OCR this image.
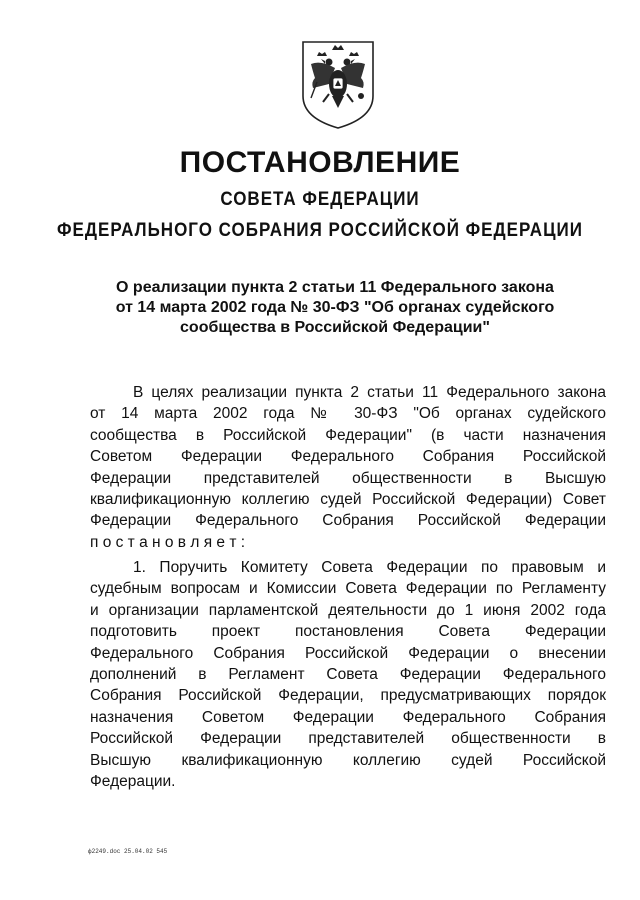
ПОСТАНОВЛЕНИЕ
СОВЕТА ФЕДЕРАЦИИ
ФЕДЕРАЛЬНОГО СОБРАНИЯ РОССИЙСКОЙ ФЕДЕРАЦИИ
О реализации пункта 2 статьи 11 Федерального закона
от 14 марта 2002 года № 30-ФЗ "Об органах судейского
сообщества в Российской Федерации"
В целях реализации пункта 2 статьи 11 Федерального закона
от 14 марта 2002 года № 30-ФЗ "Об органах судейского
сообщества в Российской Федерации" (в части назначения
Советом Федерации Федерального Собрания Российской
Федерации представителей общественности в Высшую
квалификационную коллегию судей Российской Федерации) Совет
Федерации Федерального Собрания Российской Федерации
п о с т а н о в л я е т :
1. Поручить Комитету Совета Федерации по правовым и
судебным вопросам и Комиссии Совета Федерации по Регламенту
и организации парламентской деятельности до 1 июня 2002 года
подготовить проект постановления Совета Федерации
Федерального Собрания Российской Федерации о внесении
дополнений в Регламент Совета Федерации Федерального
Собрания Российской Федерации, предусматривающих порядок
назначения Советом Федерации Федерального Собрания
Российской Федерации представителей общественности в
Высшую квалификационную коллегию судей Российской
Федерации.
ф2249.doc 25.04.02 545
